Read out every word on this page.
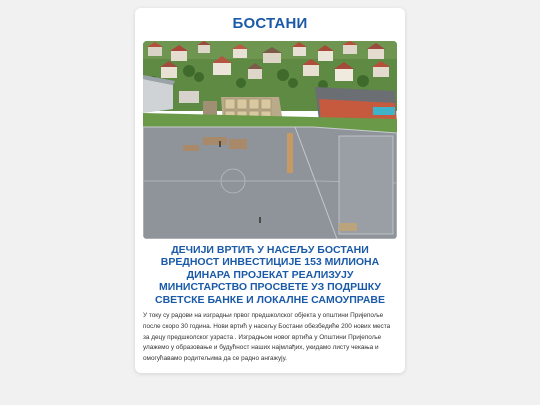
БОСТАНИ
ДЕЧИЈИ ВРТИЋ У НАСЕЉУ БОСТАНИ ВРЕДНОСТ ИНВЕСТИЦИЈЕ 153 МИЛИОНА ДИНАРА ПРОЈЕКАТ РЕАЛИЗУЈУ МИНИСТАРСТВО ПРОСВЕТЕ УЗ ПОДРШКУ СВЕТСКЕ БАНКЕ И ЛОКАЛНЕ САМОУПРАВЕ

У току су радови на изградњи првог предшколског објекта у општини Пријепоље после скоро 30 година. Нови вртић у насељу Бостани обезбедиће 200 нових места за децу предшколског узраста . Изградњом новог вртића у Општини Пријепоље улажемо у образовање и будућност наших најмлађих, укидамо листу чекања и омогућавамо родитељима да се радно ангажују.
